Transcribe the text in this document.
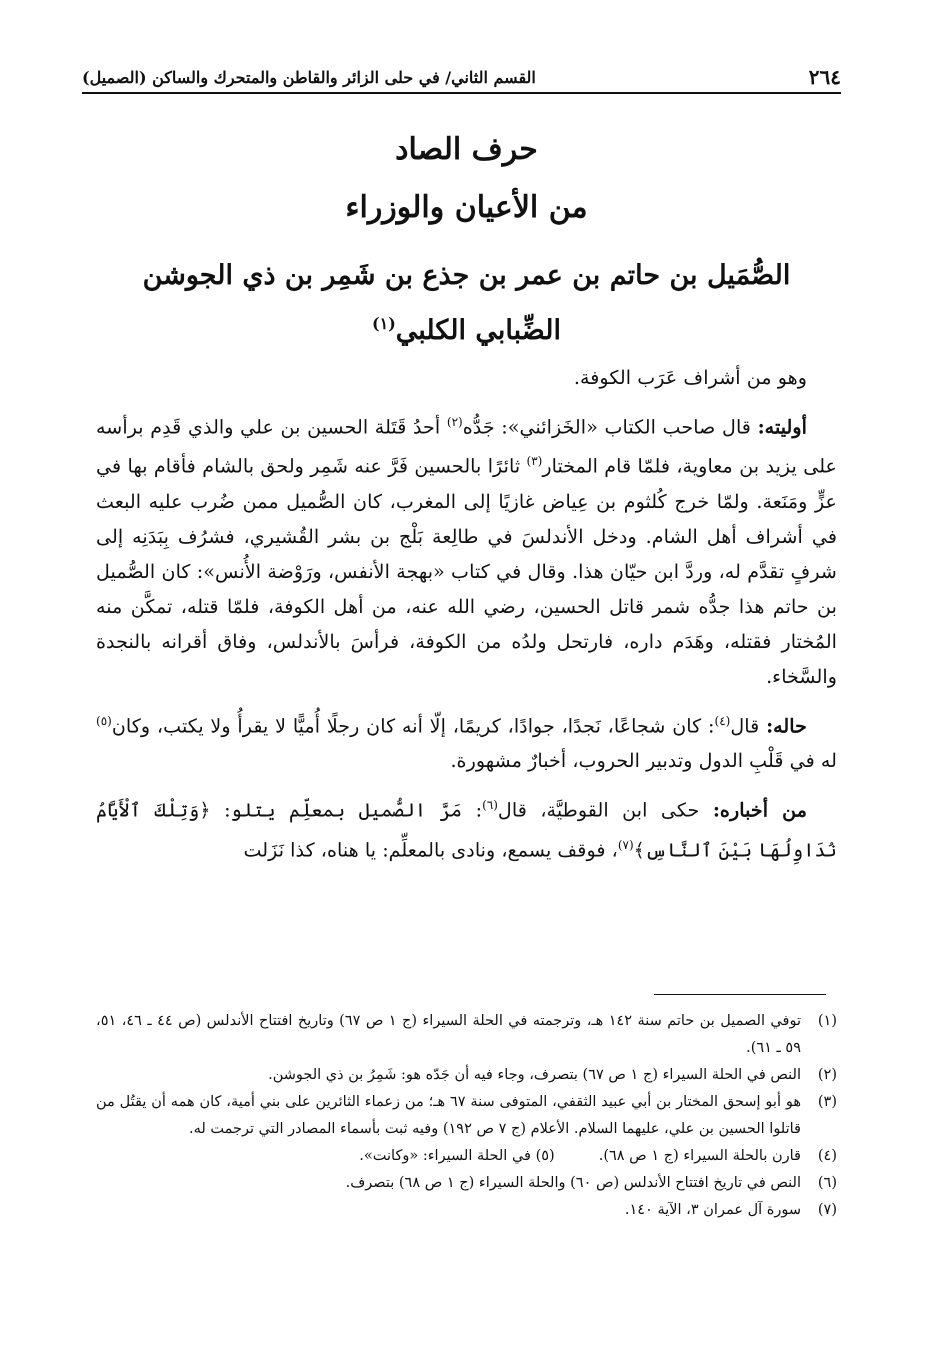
٢٦٤
القسم الثاني/ في حلى الزائر والقاطن والمتحرك والساكن (الصميل)
حرف الصاد
من الأعيان والوزراء
الصُّمَيل بن حاتم بن عمر بن جذع بن شَمِر بن ذي الجوشن
الضِّبابي الكلبي$^{(١)}$

وهو من أشراف عَرَب الكوفة.

أوليته: قال صاحب الكتاب «الخَزائني»: جَدُّه$^{(٢)}$ أحدُ قَتَلة الحسين بن علي والذي قَدِم برأسه على يزيد بن معاوية، فلمّا قام المختار$^{(٣)}$ ثائرًا بالحسين فَرَّ عنه شَمِر ولحق بالشام فأقام بها في عزٍّ ومَنَعة. ولمّا خرج كُلثوم بن عِياض غازيًا إلى المغرب، كان الصُّميل ممن ضُرب عليه البعث في أشراف أهل الشام. ودخل الأندلسَ في طالِعة بَلْج بن بشر القُشيري، فشرُف بِبَدَنِه إلى شرفٍ تقدَّم له، وردَّ ابن حيّان هذا. وقال في كتاب «بهجة الأنفس، ورَوْضة الأُنس»: كان الصُّميل بن حاتم هذا جدُّه شمر قاتل الحسين، رضي الله عنه، من أهل الكوفة، فلمّا قتله، تمكَّن منه المُختار فقتله، وهَدَم داره، فارتحل ولدُه من الكوفة، فرأسَ بالأندلس، وفاق أقرانه بالنجدة والسَّخاء.

حاله: قال$^{(٤)}$: كان شجاعًا، نَجدًا، جوادًا، كريمًا، إلّا أنه كان رجلًا أُميًّا لا يقرأُ ولا يكتب، وكان$^{(٥)}$ له في قَلْبِ الدول وتدبير الحروب، أخبارٌ مشهورة.

من أخباره: حكى ابن القوطيَّة، قال$^{(٦)}$: مَرَّ الصُّميل بمعلِّم يتلو: ﴿وَتِلْكَ ٱلْأَيَّامُ نُدَاوِلُهَا بَيْنَ ٱلنَّاسِ﴾$^{(٧)}$، فوقف يسمع، ونادى بالمعلِّم: يا هناه، كذا نَزَلت

(١)
توفي الصميل بن حاتم سنة ١٤٢ هـ، وترجمته في الحلة السيراء (ج ١ ص ٦٧) وتاريخ افتتاح الأندلس (ص ٤٤ ـ ٤٦، ٥١، ٥٩ ـ ٦١).
(٢)
النص في الحلة السيراء (ج ١ ص ٦٧) بتصرف، وجاء فيه أن جَدّه هو: شَمِرُ بن ذي الجوشن.
(٣)
هو أبو إسحق المختار بن أبي عبيد الثقفي، المتوفى سنة ٦٧ هـ؛ من زعماء الثائرين على بني أمية، كان همه أن يقتُل من قاتلوا الحسين بن علي، عليهما السلام. الأعلام (ج ٧ ص ١٩٢) وفيه ثبت بأسماء المصادر التي ترجمت له.
(٤)
قارن بالحلة السيراء (ج ١ ص ٦٨).
(٥) في الحلة السيراء: «وكانت».
(٦)
النص في تاريخ افتتاح الأندلس (ص ٦٠) والحلة السيراء (ج ١ ص ٦٨) بتصرف.
(٧)
سورة آل عمران ٣، الآية ١٤٠.
